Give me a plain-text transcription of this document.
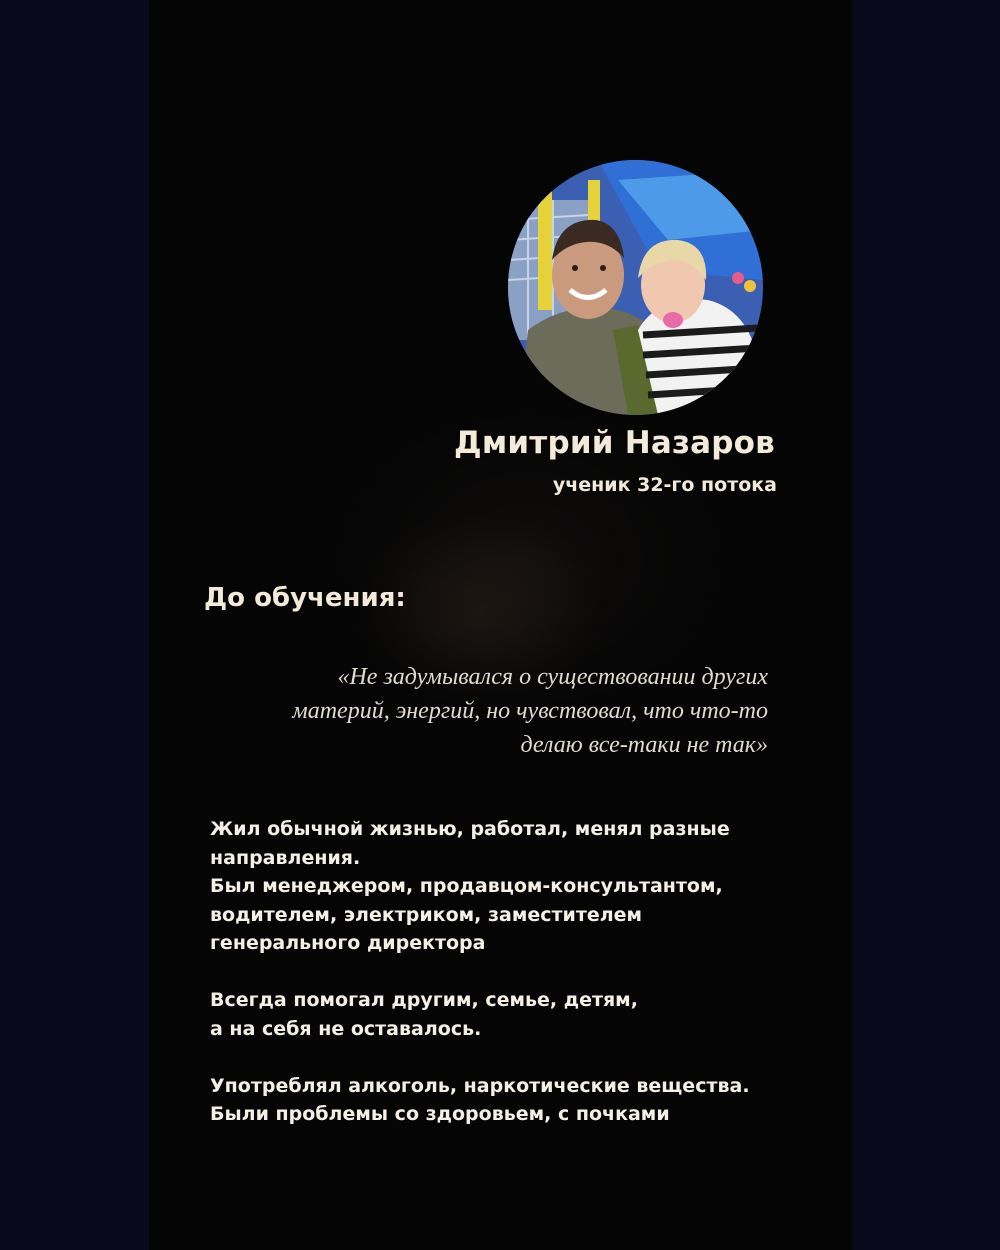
Дмитрий Назаров

ученик 32-го потока

До обучения:
«Не задумывался о существовании других
материй, энергий, но чувствовал, что что-то
делаю все-таки не так»
Жил обычной жизнью, работал, менял разные
направления.
Был менеджером, продавцом-консультантом,
водителем, электриком, заместителем
генерального директора
Всегда помогал другим, семье, детям,
а на себя не оставалось.
Употреблял алкоголь, наркотические вещества.
Были проблемы со здоровьем, с почками
